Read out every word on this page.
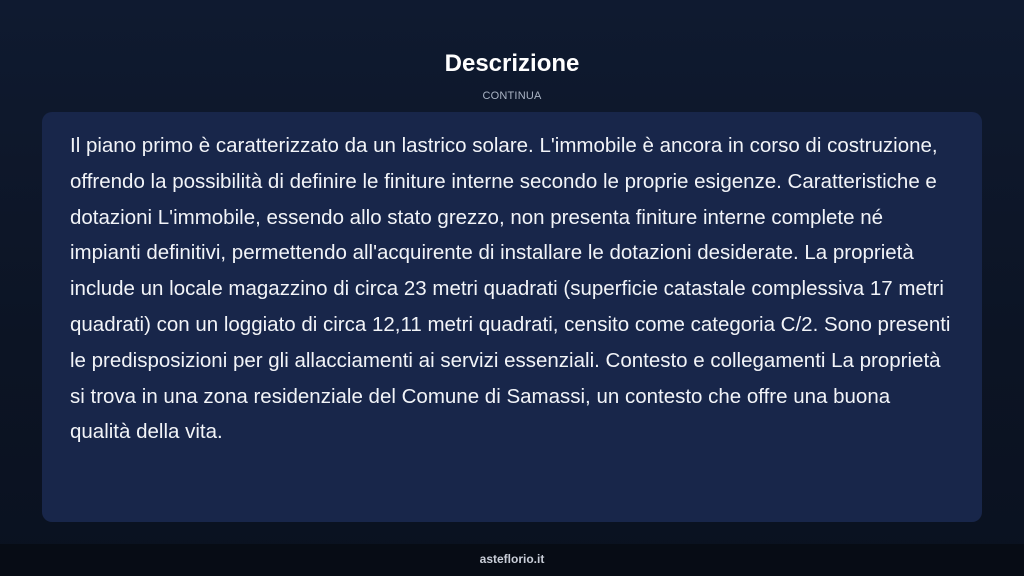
Descrizione
CONTINUA

Il piano primo è caratterizzato da un lastrico solare. L'immobile è ancora in corso di costruzione, offrendo la possibilità di definire le finiture interne secondo le proprie esigenze. Caratteristiche e dotazioni L'immobile, essendo allo stato grezzo, non presenta finiture interne complete né impianti definitivi, permettendo all'acquirente di installare le dotazioni desiderate. La proprietà include un locale magazzino di circa 23 metri quadrati (superficie catastale complessiva 17 metri quadrati) con un loggiato di circa 12,11 metri quadrati, censito come categoria C/2. Sono presenti le predisposizioni per gli allacciamenti ai servizi essenziali. Contesto e collegamenti La proprietà si trova in una zona residenziale del Comune di Samassi, un contesto che offre una buona qualità della vita.

asteflorio.it
